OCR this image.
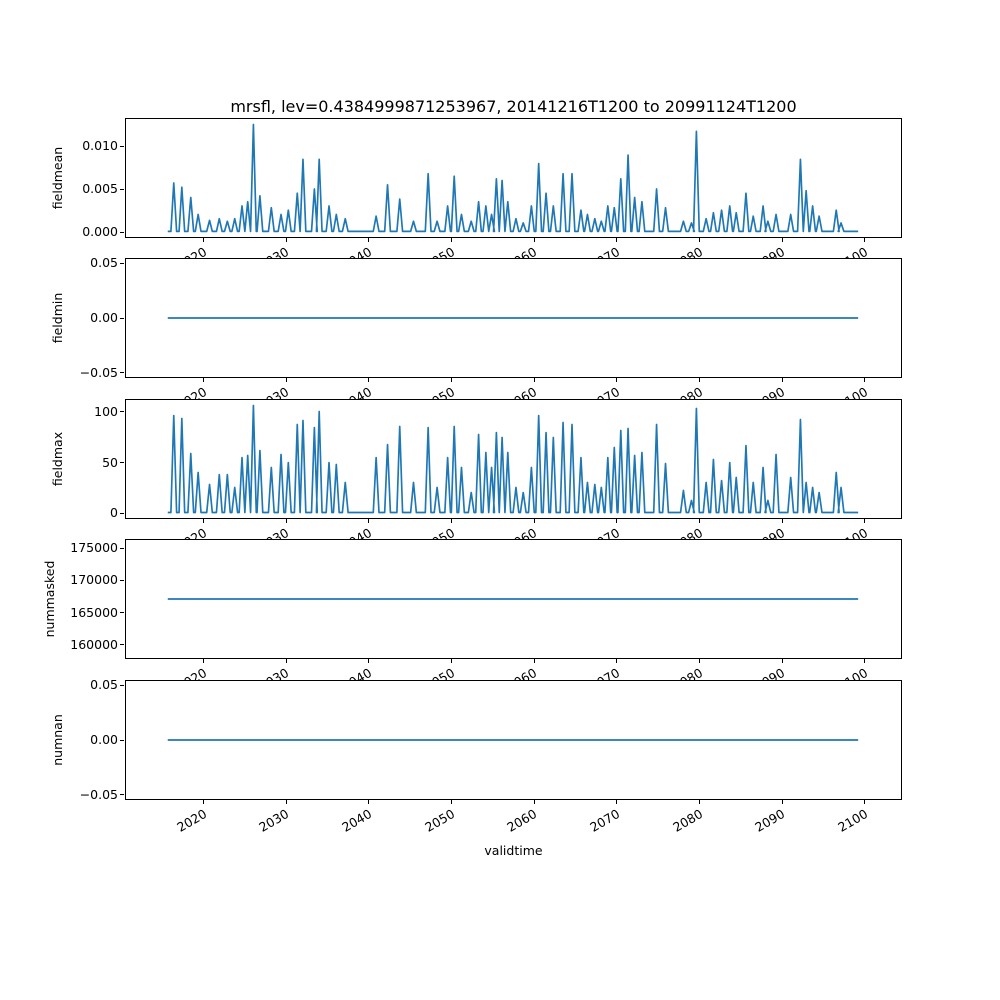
mrsfl, lev=0.4384999871253967, 20141216T1200 to 20991124T1200
fieldmean
0.000
0.005
0.010
fieldmin
−0.05
0.00
0.05
fieldmax
0
50
100
nummasked
160000
165000
170000
175000
numnan
−0.05
0.00
0.05
2020	2030	2040	2050	2060	2070	2080	2090	2100
validtime
